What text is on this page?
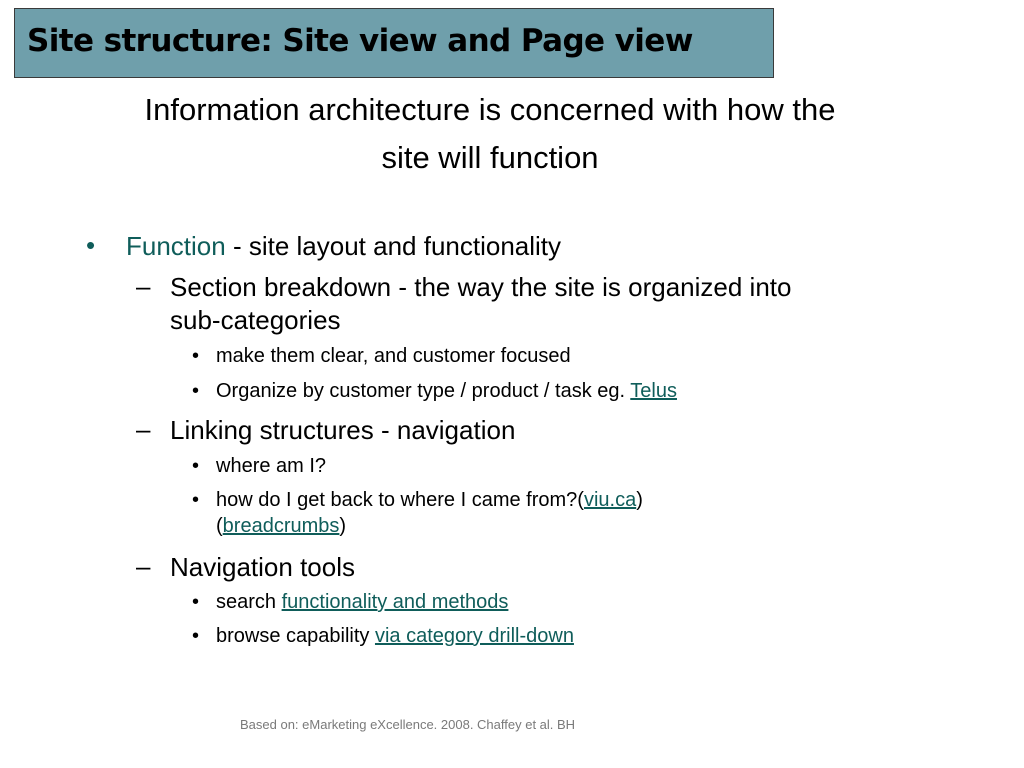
Site structure: Site view and Page view
Information architecture is concerned with how the
site will function
• Function - site layout and functionality
– Section breakdown - the way the site is organized into
sub-categories
• make them clear, and customer focused
• Organize by customer type / product / task eg. Telus
– Linking structures - navigation
• where am I?
• how do I get back to where I came from?(viu.ca)
(breadcrumbs)
– Navigation tools
• search functionality and methods
• browse capability via category drill-down
Based on: eMarketing eXcellence. 2008. Chaffey et al. BH
